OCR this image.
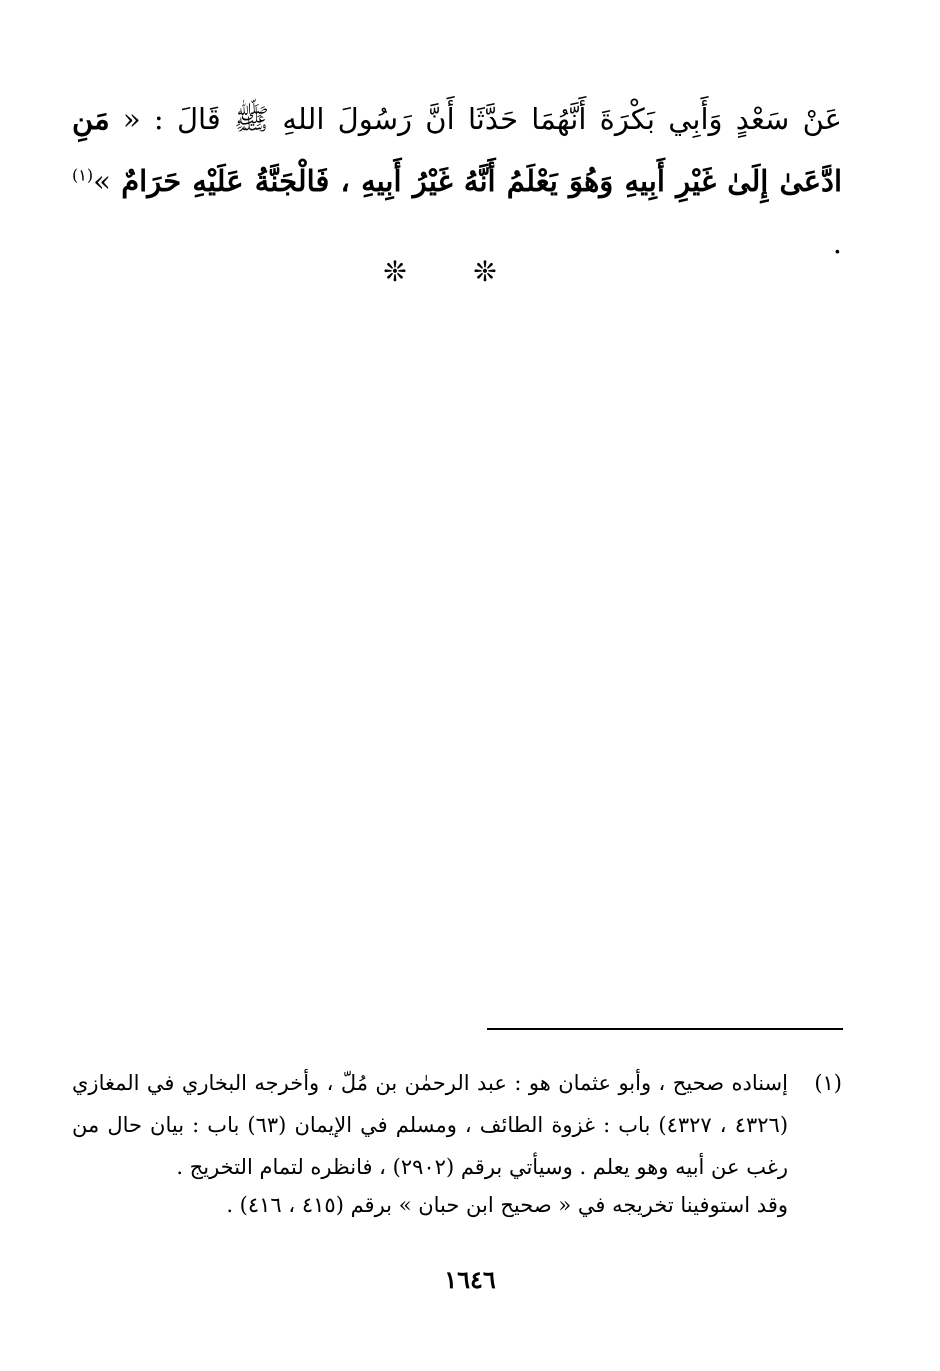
عَنْ سَعْدٍ وَأَبِي بَكْرَةَ أَنَّهُمَا حَدَّثَا أَنَّ رَسُولَ اللهِ ﷺ قَالَ : « مَنِ ادَّعَىٰ إِلَىٰ غَيْرِ أَبِيهِ وَهُوَ يَعْلَمُ أَنَّهُ غَيْرُ أَبِيهِ ، فَالْجَنَّةُ عَلَيْهِ حَرَامٌ »$^{(١)}$ .

❊ ❊
(١)
إسناده صحيح ، وأبو عثمان هو : عبد الرحمٰن بن مُلّ ، وأخرجه البخاري في المغازي (٤٣٢٦ ، ٤٣٢٧) باب : غزوة الطائف ، ومسلم في الإيمان (٦٣) باب : بيان حال من رغب عن أبيه وهو يعلم . وسيأتي برقم (٢٩٠٢) ، فانظره لتمام التخريج .
وقد استوفينا تخريجه في « صحيح ابن حبان » برقم (٤١٥ ، ٤١٦) .
١٦٤٦
